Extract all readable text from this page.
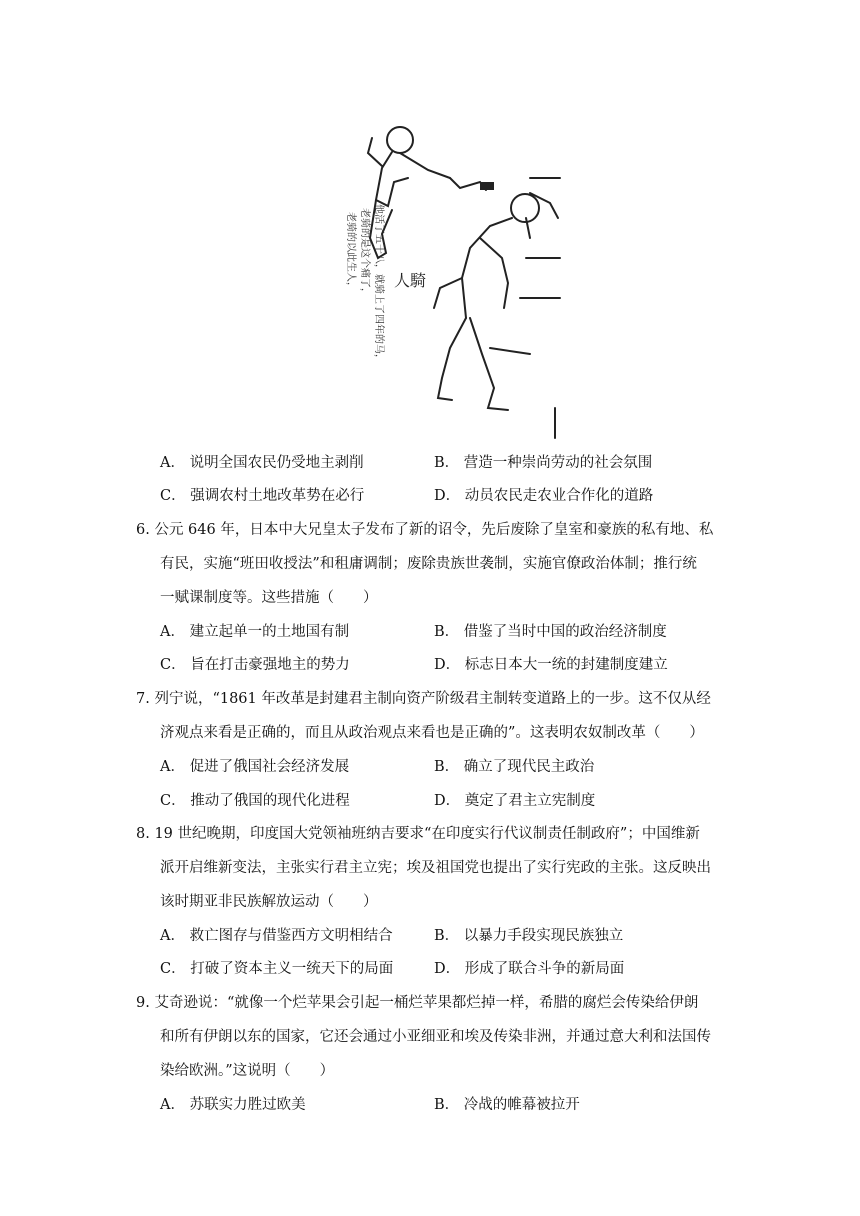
人騎
他活了五十八，就骑上了四年的马，
老骑的是这个痛了，
老骑的以此生人，
A． 说明全国农民仍受地主剥削	B． 营造一种崇尚劳动的社会氛围
C． 强调农村土地改革势在必行	D． 动员农民走农业合作化的道路
6. 公元 646 年，日本中大兄皇太子发布了新的诏令，先后废除了皇室和豪族的私有地、私
有民，实施“班田收授法”和租庸调制；废除贵族世袭制，实施官僚政治体制；推行统
一赋课制度等。这些措施（　　）
A． 建立起单一的土地国有制	B． 借鉴了当时中国的政治经济制度
C． 旨在打击豪强地主的势力	D． 标志日本大一统的封建制度建立
7. 列宁说，“1861 年改革是封建君主制向资产阶级君主制转变道路上的一步。这不仅从经
济观点来看是正确的，而且从政治观点来看也是正确的”。这表明农奴制改革（　　）
A． 促进了俄国社会经济发展	B． 确立了现代民主政治
C． 推动了俄国的现代化进程	D． 奠定了君主立宪制度
8. 19 世纪晚期，印度国大党领袖班纳吉要求“在印度实行代议制责任制政府”；中国维新
派开启维新变法，主张实行君主立宪；埃及祖国党也提出了实行宪政的主张。这反映出
该时期亚非民族解放运动（　　）
A． 救亡图存与借鉴西方文明相结合	B． 以暴力手段实现民族独立
C． 打破了资本主义一统天下的局面	D． 形成了联合斗争的新局面
9. 艾奇逊说：“就像一个烂苹果会引起一桶烂苹果都烂掉一样，希腊的腐烂会传染给伊朗
和所有伊朗以东的国家，它还会通过小亚细亚和埃及传染非洲，并通过意大利和法国传
染给欧洲。”这说明（　　）
A． 苏联实力胜过欧美	B． 冷战的帷幕被拉开
